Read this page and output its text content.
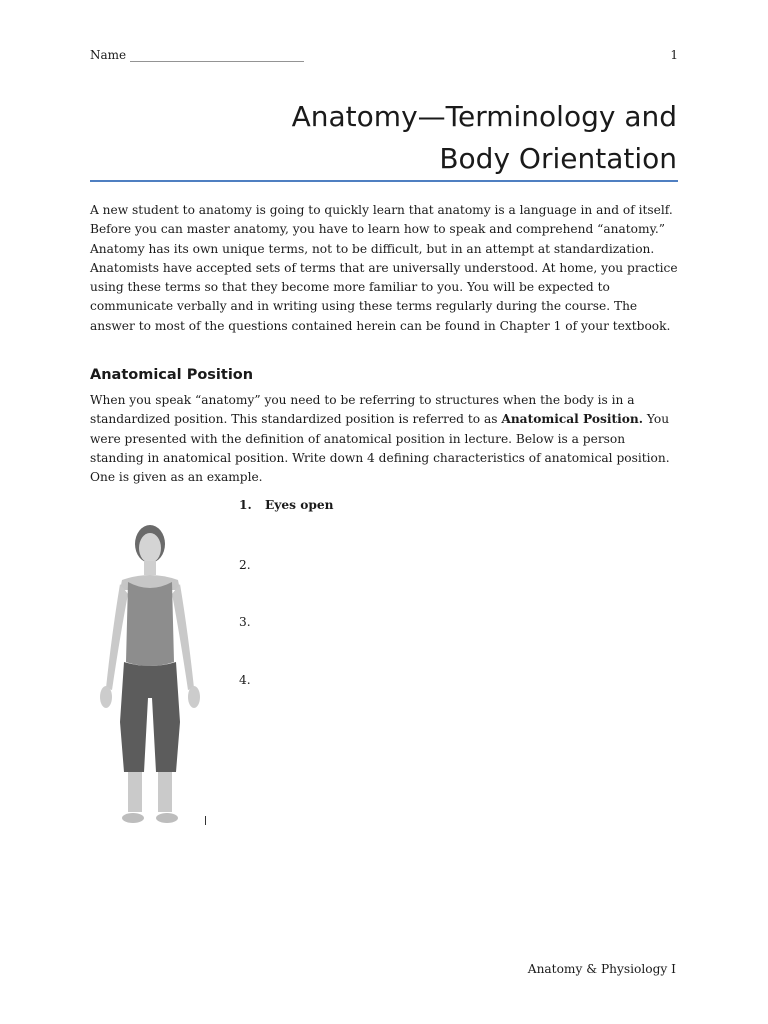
Name _____________________________	1
Anatomy—Terminology and
Body Orientation

A new student to anatomy is going to quickly learn that anatomy is a language in and of itself. Before you can master anatomy, you have to learn how to speak and comprehend “anatomy.” Anatomy has its own unique terms, not to be difficult, but in an attempt at standardization. Anatomists have accepted sets of terms that are universally understood. At home, you practice using these terms so that they become more familiar to you. You will be expected to communicate verbally and in writing using these terms regularly during the course. The answer to most of the questions contained herein can be found in Chapter 1 of your textbook.

Anatomical Position

When you speak “anatomy” you need to be referring to structures when the body is in a standardized position. This standardized position is referred to as Anatomical Position. You were presented with the definition of anatomical position in lecture. Below is a person standing in anatomical position. Write down 4 defining characteristics of anatomical position. One is given as an example.

1. Eyes open
2.
3.
4.
Anatomy & Physiology I
